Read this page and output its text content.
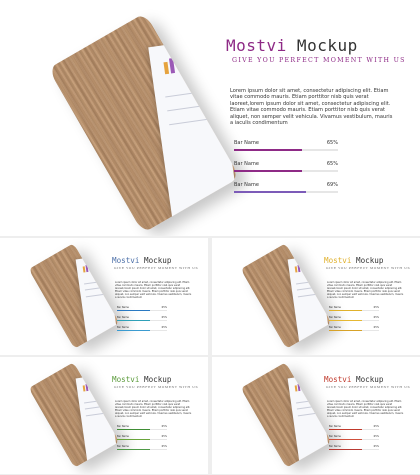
Mostvi Mockup
GIVE YOU PERFECT MOMENT WITH US
Lorem ipsum dolor sit amet, consectetur adipiscing elit. Etiam vitae commodo mauris. Etiam porttitor nisb quis verat laoreet,lorem ipsum dolor sit amet, consectetur adipiscing elit. Etiam vitae commodo mauris. Etiam porttitor nisb quis verat aliquet, non semper velit vehicula. Vivamus vestibulum, mauris a iaculis condimentum
Bar Name	65%
Bar Name	65%
Bar Name	69%
Mostvi Mockup
GIVE YOU PERFECT MOMENT WITH US
Lorem ipsum dolor sit amet, consectetur adipiscing elit. Etiam vitae commodo mauris. Etiam porttitor nisb quis verat laoreet,lorem ipsum dolor sit amet, consectetur adipiscing elit. Etiam vitae commodo mauris. Etiam porttitor nisb quis verat aliquet, non semper velit vehicula. Vivamus vestibulum, mauris a iaculis condimentum
Bar Name	65%
Bar Name	65%
Bar Name	65%
Mostvi Mockup
GIVE YOU PERFECT MOMENT WITH US
Lorem ipsum dolor sit amet, consectetur adipiscing elit. Etiam vitae commodo mauris. Etiam porttitor nisb quis verat laoreet,lorem ipsum dolor sit amet, consectetur adipiscing elit. Etiam vitae commodo mauris. Etiam porttitor nisb quis verat aliquet, non semper velit vehicula. Vivamus vestibulum, mauris a iaculis condimentum
Bar Name	65%
Bar Name	65%
Bar Name	65%
Mostvi Mockup
GIVE YOU PERFECT MOMENT WITH US
Lorem ipsum dolor sit amet, consectetur adipiscing elit. Etiam vitae commodo mauris. Etiam porttitor nisb quis verat laoreet,lorem ipsum dolor sit amet, consectetur adipiscing elit. Etiam vitae commodo mauris. Etiam porttitor nisb quis verat aliquet, non semper velit vehicula. Vivamus vestibulum, mauris a iaculis condimentum
Bar Name	65%
Bar Name	65%
Bar Name	65%
Mostvi Mockup
GIVE YOU PERFECT MOMENT WITH US
Lorem ipsum dolor sit amet, consectetur adipiscing elit. Etiam vitae commodo mauris. Etiam porttitor nisb quis verat laoreet,lorem ipsum dolor sit amet, consectetur adipiscing elit. Etiam vitae commodo mauris. Etiam porttitor nisb quis verat aliquet, non semper velit vehicula. Vivamus vestibulum, mauris a iaculis condimentum
Bar Name	65%
Bar Name	65%
Bar Name	65%
